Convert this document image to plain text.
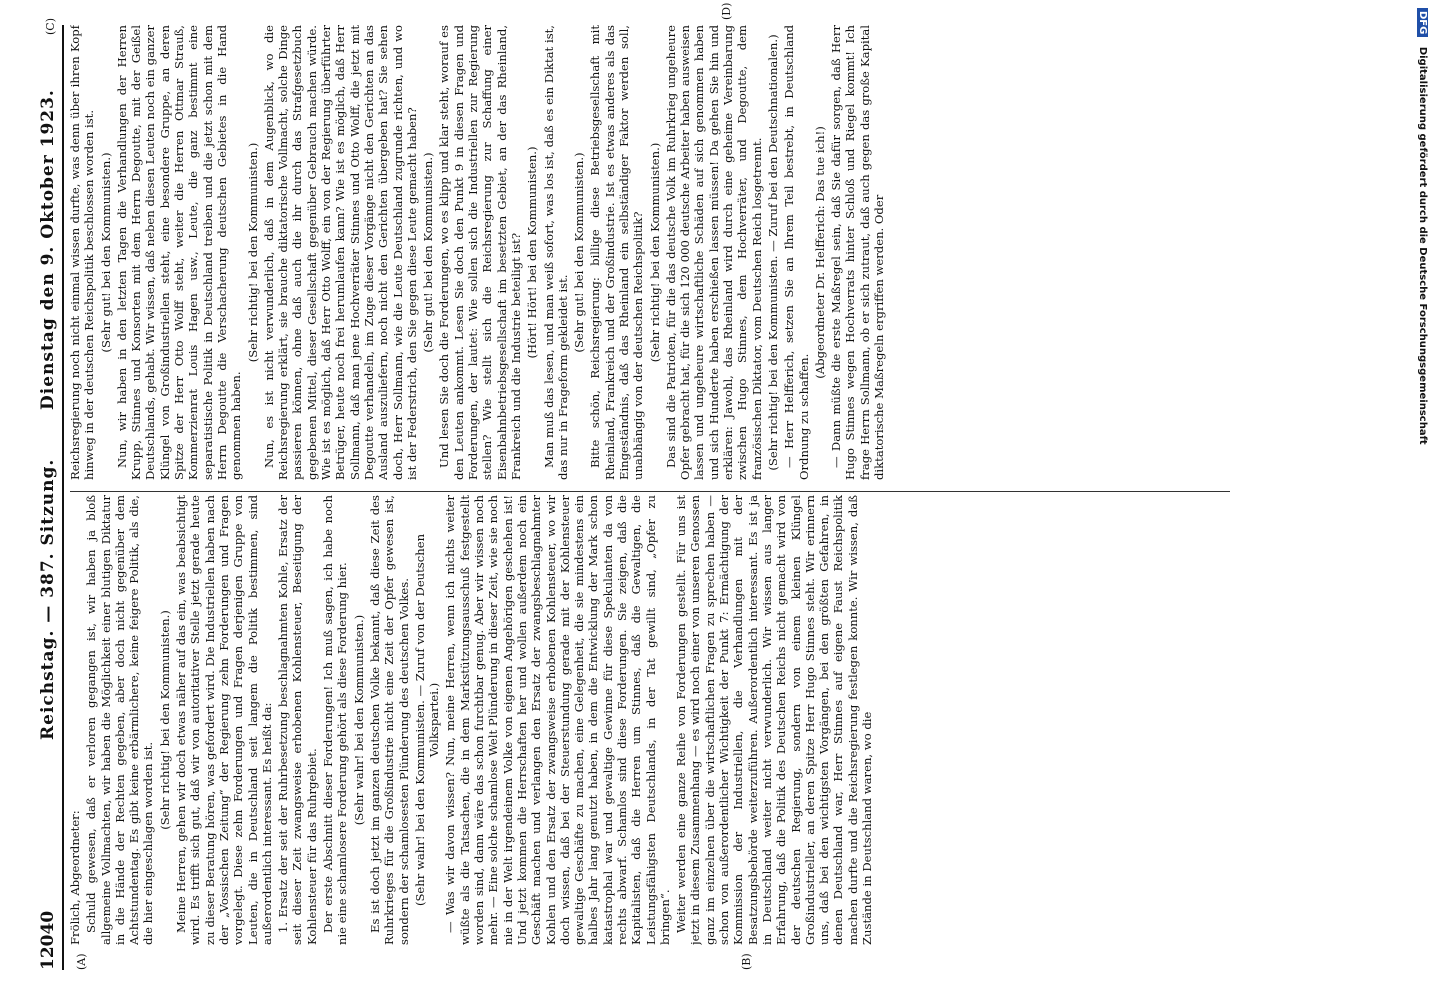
12040
Reichstag. — 387. Sitzung.
Dienstag den 9. Oktober 1923.
(A)	(B)
(C)
(D)

Frölich, Abgeordneter: Schuld gewesen, daß er verloren gegangen ist, wir haben ja bloß allgemeine Vollmachten, wir haben die Möglichkeit einer blutigen Diktatur in die Hände der Rechten gegeben, aber doch nicht gegenüber dem Achtstundentag. Es gibt keine erbärmlichere, keine feigere Politik, als die, die hier eingeschlagen worden ist.

(Sehr richtig! bei den Kommunisten.) Meine Herren, gehen wir doch etwas näher auf das ein, was beabsichtigt wird. Es trifft sich gut, daß wir von autoritativer Stelle jetzt gerade heute zu dieser Beratung hören, was gefordert wird. Die Industriellen haben nach der „Vossischen Zeitung“ der Regierung zehn Forderungen und Fragen vorgelegt. Diese zehn Forderungen und Fragen derjenigen Gruppe von Leuten, die in Deutschland seit langem die Politik bestimmen, sind außerordentlich interessant. Es heißt da: 1. Ersatz der seit der Ruhrbesetzung beschlagnahmten Kohle, Ersatz der seit dieser Zeit zwangsweise erhobenen Kohlensteuer, Beseitigung der Kohlensteuer für das Ruhrgebiet. Der erste Abschnitt dieser Forderungen! Ich muß sagen, ich habe noch nie eine schamlosere Forderung gehört als diese Forderung hier. (Sehr wahr! bei den Kommunisten.) Es ist doch jetzt im ganzen deutschen Volke bekannt, daß diese Zeit des Ruhrkrieges für die Großindustrie nicht eine Zeit der Opfer gewesen ist, sondern der schamlosesten Plünderung des deutschen Volkes. (Sehr wahr! bei den Kommunisten. — Zuruf von der Deutschen Volkspartei.) — Was wir davon wissen? Nun, meine Herren, wenn ich nichts weiter wüßte als die Tatsachen, die in dem Markstützungsausschuß festgestellt worden sind, dann wäre das schon furchtbar genug. Aber wir wissen noch mehr. — Eine solche schamlose Welt Plünderung in dieser Zeit, wie sie noch nie in der Welt irgendeinem Volke von eigenen Angehörigen geschehen ist! Und jetzt kommen die Herrschaften her und wollen außerdem noch ein Geschäft machen und verlangen den Ersatz der zwangsbeschlagnahmter Kohlen und den Ersatz der zwangsweise erhobenen Kohlensteuer, wo wir doch wissen, daß bei der Steuerstundung gerade mit der Kohlensteuer gewaltige Geschäfte zu machen, eine Gelegenheit, die sie mindestens ein halbes Jahr lang genutzt haben, in dem die Entwicklung der Mark schon katastrophal war und gewaltige Gewinne für diese Spekulanten da von rechts abwarf. Schamlos sind diese Forderungen. Sie zeigen, daß die Kapitalisten, daß die Herren um Stinnes, daß die Gewaltigen, die Leistungsfähigsten Deutschlands, in der Tat gewillt sind, „Opfer zu bringen“. Weiter werden eine ganze Reihe von Forderungen gestellt. Für uns ist jetzt in diesem Zusammenhang — es wird noch einer von unseren Genossen ganz im einzelnen über die wirtschaftlichen Fragen zu sprechen haben — schon von außerordentlicher Wichtigkeit der Punkt 7: Ermächtigung der Kommission der Industriellen, die Verhandlungen mit der Besatzungsbehörde weiterzuführen. Außerordentlich interessant. Es ist ja in Deutschland weiter nicht verwunderlich. Wir wissen aus langer Erfahrung, daß die Politik des Deutschen Reichs nicht gemacht wird von der deutschen Regierung, sondern von einem kleinen Klüngel Großindustrieller, an deren Spitze Herr Hugo Stinnes steht. Wir erinnern uns, daß bei den wichtigsten Vorgängen, bei den größten Gefahren, in denen Deutschland war, Herr Stinnes auf eigene Faust Reichspolitik machen durfte und die Reichsregierung festlegen konnte. Wir wissen, daß Zustände in Deutschland waren, wo die

Reichsregierung noch nicht einmal wissen durfte, was denn über ihren Kopf hinweg in der deutschen Reichspolitik beschlossen worden ist. (Sehr gut! bei den Kommunisten.) Nun, wir haben in den letzten Tagen die Verhandlungen der Herren Krupp, Stinnes und Konsorten mit dem Herrn Degoutte, mit der Geißel Deutschlands, gehabt. Wir wissen, daß neben diesen Leuten noch ein ganzer Klüngel von Großindustriellen steht, eine besondere Gruppe, an deren Spitze der Herr Otto Wolff steht, weiter die Herren Ottmar Strauß, Kommerzienrat Louis Hagen usw., Leute, die ganz bestimmt eine separatistische Politik in Deutschland treiben und die jetzt schon mit dem Herrn Degoutte die Verschacherung deutschen Gebietes in die Hand genommen haben.

(Sehr richtig! bei den Kommunisten.) Nun, es ist nicht verwunderlich, daß in dem Augenblick, wo die Reichsregierung erklärt, sie brauche diktatorische Vollmacht, solche Dinge passieren können, ohne daß auch die ihr durch das Strafgesetzbuch gegebenen Mittel, dieser Gesellschaft gegenüber Gebrauch machen würde. Wie ist es möglich, daß Herr Otto Wolff, ein von der Regierung überführter Betrüger, heute noch frei herumlaufen kann? Wie ist es möglich, daß Herr Sollmann, daß man jene Hochverräter Stinnes und Otto Wolff, die jetzt mit Degoutte verhandeln, im Zuge dieser Vorgänge nicht den Gerichten an das Ausland auszuliefern, noch nicht den Gerichten übergeben hat? Sie sehen doch, Herr Sollmann, wie die Leute Deutschland zugrunde richten, und wo ist der Federstrich, den Sie gegen diese Leute gemacht haben? (Sehr gut! bei den Kommunisten.) Und lesen Sie doch die Forderungen, wo es klipp und klar steht, worauf es den Leuten ankommt. Lesen Sie doch den Punkt 9 in diesen Fragen und Forderungen, der lautet: Wie sollen sich die Industriellen zur Regierung stellen? Wie stellt sich die Reichsregierung zur Schaffung einer Eisenbahnbetriebsgesellschaft im besetzten Gebiet, an der das Rheinland, Frankreich und die Industrie beteiligt ist? (Hört! Hört! bei den Kommunisten.) Man muß das lesen, und man weiß sofort, was los ist, daß es ein Diktat ist, das nur in Frageform gekleidet ist.

(Sehr gut! bei den Kommunisten.) Bitte schön, Reichsregierung: billige diese Betriebsgesellschaft mit Rheinland, Frankreich und der Großindustrie. Ist es etwas anderes als das Eingeständnis, daß das Rheinland ein selbständiger Faktor werden soll, unabhängig von der deutschen Reichspolitik? (Sehr richtig! bei den Kommunisten.) Das sind die Patrioten, für die das deutsche Volk im Ruhrkrieg ungeheure Opfer gebracht hat, für die sich 120 000 deutsche Arbeiter haben ausweisen lassen und ungeheure wirtschaftliche Schäden auf sich genommen haben und sich Hunderte haben erschießen lassen müssen! Da gehen Sie hin und erklären: Jawohl, das Rheinland wird durch eine geheime Vereinbarung zwischen Hugo Stinnes, dem Hochverräter, und Degoutte, dem französischen Diktator, vom Deutschen Reich losgetrennt. (Sehr richtig! bei den Kommunisten. — Zuruf bei den Deutschnationalen.) — Herr Helfferich, setzen Sie an Ihrem Teil bestrebt, in Deutschland Ordnung zu schaffen.

(Abgeordneter Dr. Helfferich: Das tue ich!) — Dann müßte die erste Maßregel sein, daß Sie dafür sorgen, daß Herr Hugo Stinnes wegen Hochverrats hinter Schloß und Riegel kommt! Ich frage Herrn Sollmann, ob er sich zutraut, daß auch gegen das große Kapital diktatorische Maßregeln ergriffen werden. Oder

DFG Digitalisierung gefördert durch die Deutsche Forschungsgemeinschaft
